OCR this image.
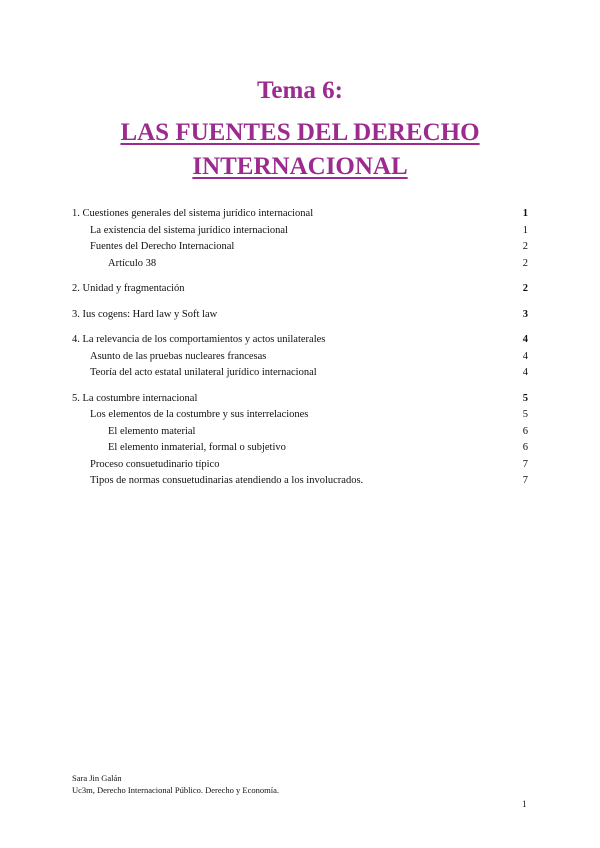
Tema 6:
LAS FUENTES DEL DERECHO INTERNACIONAL
1. Cuestiones generales del sistema jurídico internacional	1
La existencia del sistema jurídico internacional	1
Fuentes del Derecho Internacional	2
Artículo 38	2
2. Unidad y fragmentación	2
3. Ius cogens: Hard law y Soft law	3
4. La relevancia de los comportamientos y actos unilaterales	4
Asunto de las pruebas nucleares francesas	4
Teoría del acto estatal unilateral jurídico internacional	4
5. La costumbre internacional	5
Los elementos de la costumbre y sus interrelaciones	5
El elemento material	6
El elemento inmaterial, formal o subjetivo	6
Proceso consuetudinario típico	7
Tipos de normas consuetudinarias atendiendo a los involucrados.	7
Sara Jin Galán
Uc3m, Derecho Internacional Público. Derecho y Economía.
1
